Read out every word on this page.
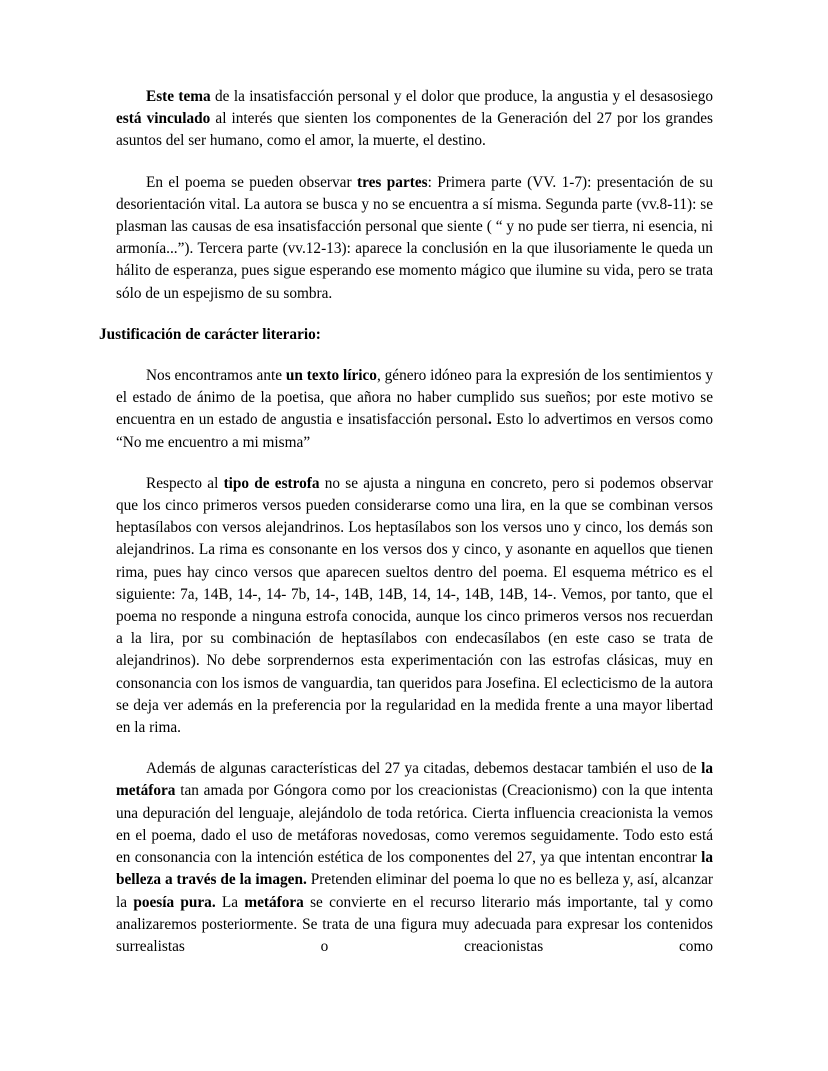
Este tema de la insatisfacción personal y el dolor que produce, la angustia y el desasosiego está vinculado al interés que sienten los componentes de la Generación del 27 por los grandes asuntos del ser humano, como el amor, la muerte, el destino.

En el poema se pueden observar tres partes: Primera parte (VV. 1-7): presentación de su desorientación vital. La autora se busca y no se encuentra a sí misma. Segunda parte (vv.8-11): se plasman las causas de esa insatisfacción personal que siente ( “ y no pude ser tierra, ni esencia, ni armonía...”). Tercera parte (vv.12-13): aparece la conclusión en la que ilusoriamente le queda un hálito de esperanza, pues sigue esperando ese momento mágico que ilumine su vida, pero se trata sólo de un espejismo de su sombra.

Justificación de carácter literario:

Nos encontramos ante un texto lírico, género idóneo para la expresión de los sentimientos y el estado de ánimo de la poetisa, que añora no haber cumplido sus sueños; por este motivo se encuentra en un estado de angustia e insatisfacción personal. Esto lo advertimos en versos como “No me encuentro a mi misma”

Respecto al tipo de estrofa no se ajusta a ninguna en concreto, pero si podemos observar que los cinco primeros versos pueden considerarse como una lira, en la que se combinan versos heptasílabos con versos alejandrinos. Los heptasílabos son los versos uno y cinco, los demás son alejandrinos. La rima es consonante en los versos dos y cinco, y asonante en aquellos que tienen rima, pues hay cinco versos que aparecen sueltos dentro del poema. El esquema métrico es el siguiente: 7a, 14B, 14-, 14- 7b, 14-, 14B, 14B, 14, 14-, 14B, 14B, 14-. Vemos, por tanto, que el poema no responde a ninguna estrofa conocida, aunque los cinco primeros versos nos recuerdan a la lira, por su combinación de heptasílabos con endecasílabos (en este caso se trata de alejandrinos). No debe sorprendernos esta experimentación con las estrofas clásicas, muy en consonancia con los ismos de vanguardia, tan queridos para Josefina. El eclecticismo de la autora se deja ver además en la preferencia por la regularidad en la medida frente a una mayor libertad en la rima.

Además de algunas características del 27 ya citadas, debemos destacar también el uso de la metáfora tan amada por Góngora como por los creacionistas (Creacionismo) con la que intenta una depuración del lenguaje, alejándolo de toda retórica. Cierta influencia creacionista la vemos en el poema, dado el uso de metáforas novedosas, como veremos seguidamente. Todo esto está en consonancia con la intención estética de los componentes del 27, ya que intentan encontrar la belleza a través de la imagen. Pretenden eliminar del poema lo que no es belleza y, así, alcanzar la poesía pura. La metáfora se convierte en el recurso literario más importante, tal y como analizaremos posteriormente. Se trata de una figura muy adecuada para expresar los contenidos surrealistas o creacionistas como
